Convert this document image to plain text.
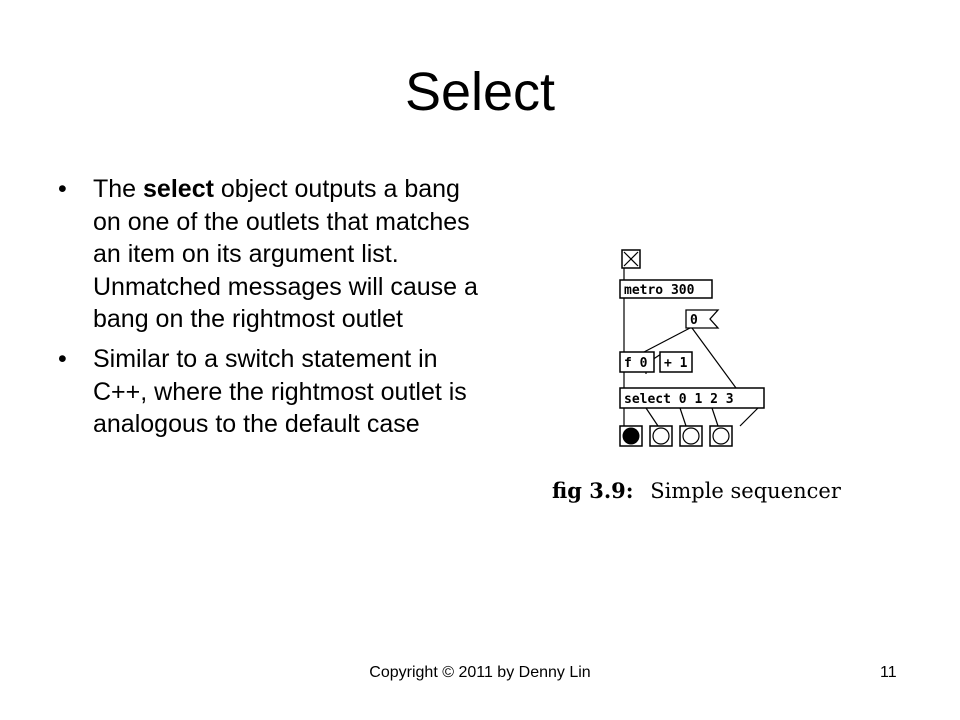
Select
• The select object outputs a bang on one of the outlets that matches an item on its argument list. Unmatched messages will cause a bang on the rightmost outlet
• Similar to a switch statement in C++, where the rightmost outlet is analogous to the default case
metro 300
0
f 0 + 1
select 0 1 2 3
fig 3.9: Simple sequencer
Copyright © 2011 by Denny Lin	11
